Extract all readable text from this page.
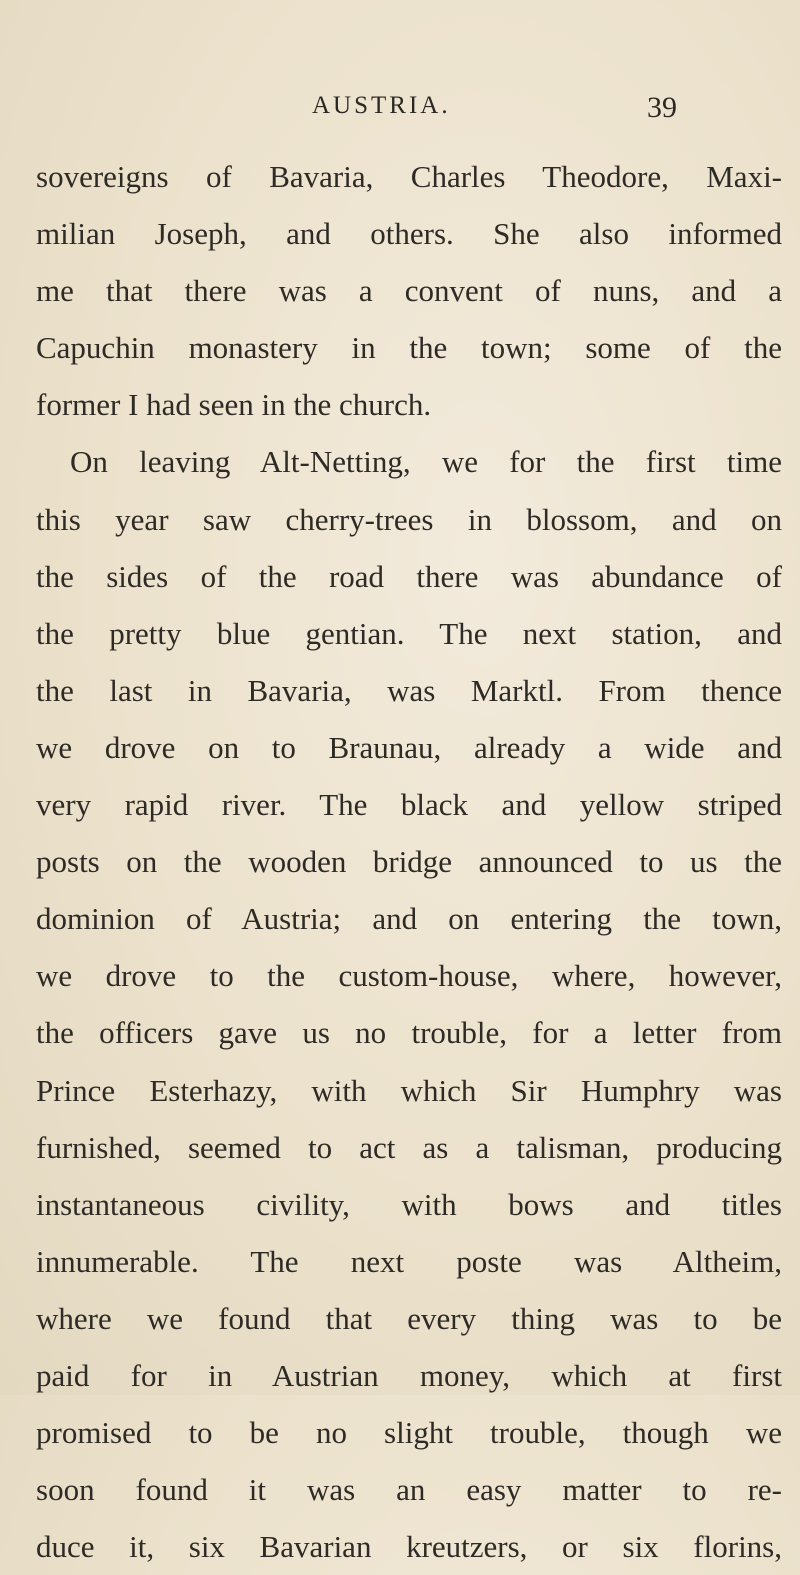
AUSTRIA.	39
sovereigns of Bavaria, Charles Theodore, Maxi-
milian Joseph, and others. She also informed
me that there was a convent of nuns, and a
Capuchin monastery in the town; some of the
former I had seen in the church.
On leaving Alt-Netting, we for the first time
this year saw cherry-trees in blossom, and on
the sides of the road there was abundance of
the pretty blue gentian. The next station, and
the last in Bavaria, was Marktl. From thence
we drove on to Braunau, already a wide and
very rapid river. The black and yellow striped
posts on the wooden bridge announced to us the
dominion of Austria; and on entering the town,
we drove to the custom-house, where, however,
the officers gave us no trouble, for a letter from
Prince Esterhazy, with which Sir Humphry was
furnished, seemed to act as a talisman, producing
instantaneous civility, with bows and titles
innumerable. The next poste was Altheim,
where we found that every thing was to be
paid for in Austrian money, which at first
promised to be no slight trouble, though we
soon found it was an easy matter to re-
duce it, six Bavarian kreutzers, or six florins,
